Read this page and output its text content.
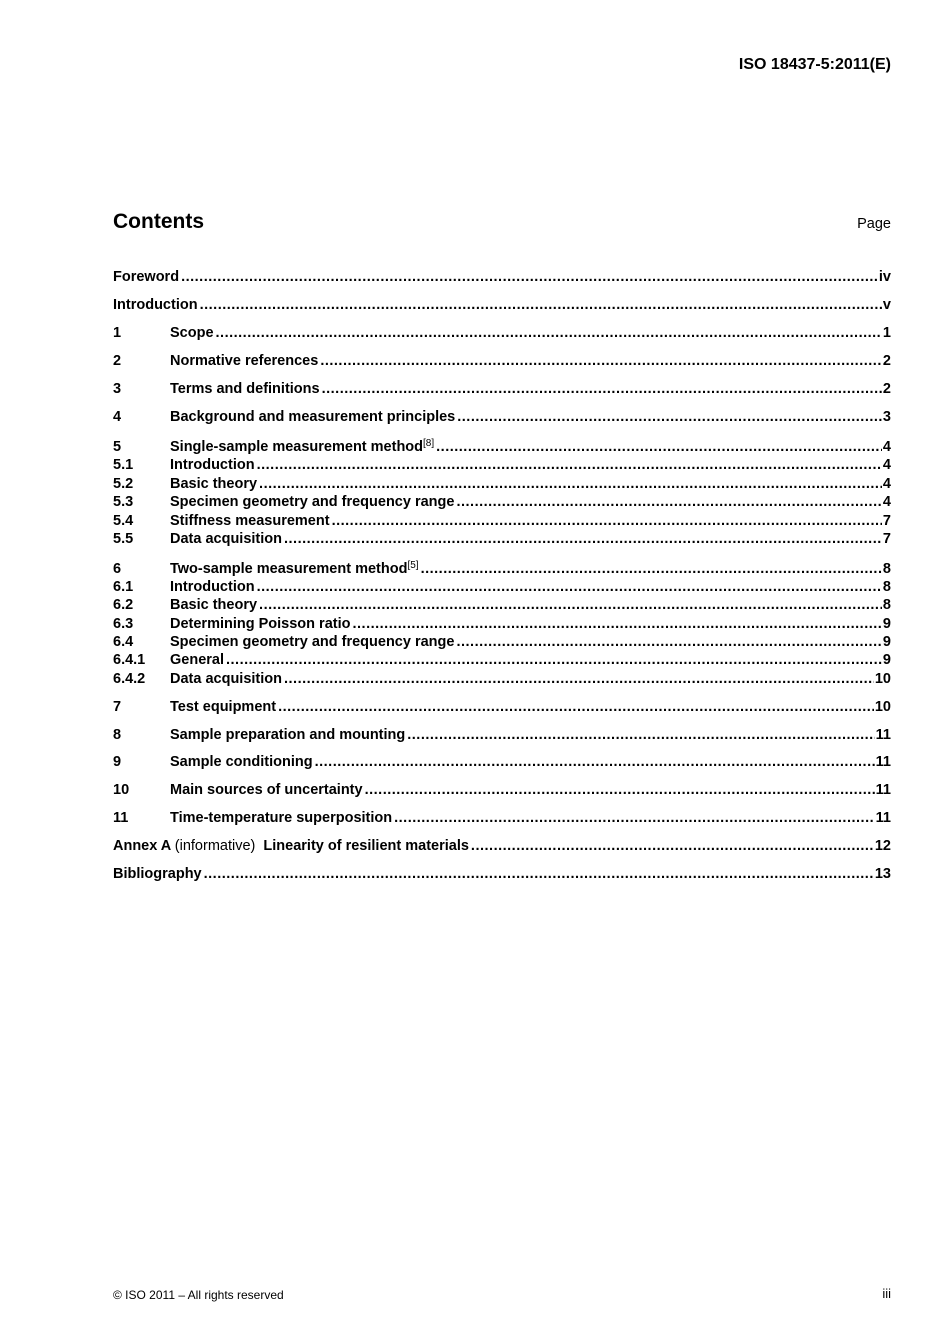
ISO 18437-5:2011(E)
Contents	Page
Foreword .....	iv
Introduction .....	v
1	Scope .....	1
2	Normative references .....	2
3	Terms and definitions .....	2
4	Background and measurement principles .....	3
5	Single-sample measurement method[8] .....	4
5.1	Introduction .....	4
5.2	Basic theory .....	4
5.3	Specimen geometry and frequency range .....	4
5.4	Stiffness measurement .....	7
5.5	Data acquisition .....	7
6	Two-sample measurement method[5] .....	8
6.1	Introduction .....	8
6.2	Basic theory .....	8
6.3	Determining Poisson ratio .....	9
6.4	Specimen geometry and frequency range .....	9
6.4.1	General .....	9
6.4.2	Data acquisition .....	10
7	Test equipment .....	10
8	Sample preparation and mounting .....	11
9	Sample conditioning .....	11
10	Main sources of uncertainty .....	11
11	Time-temperature superposition .....	11
Annex A (informative) Linearity of resilient materials .....	12
Bibliography .....	13
© ISO 2011 – All rights reserved	iii
